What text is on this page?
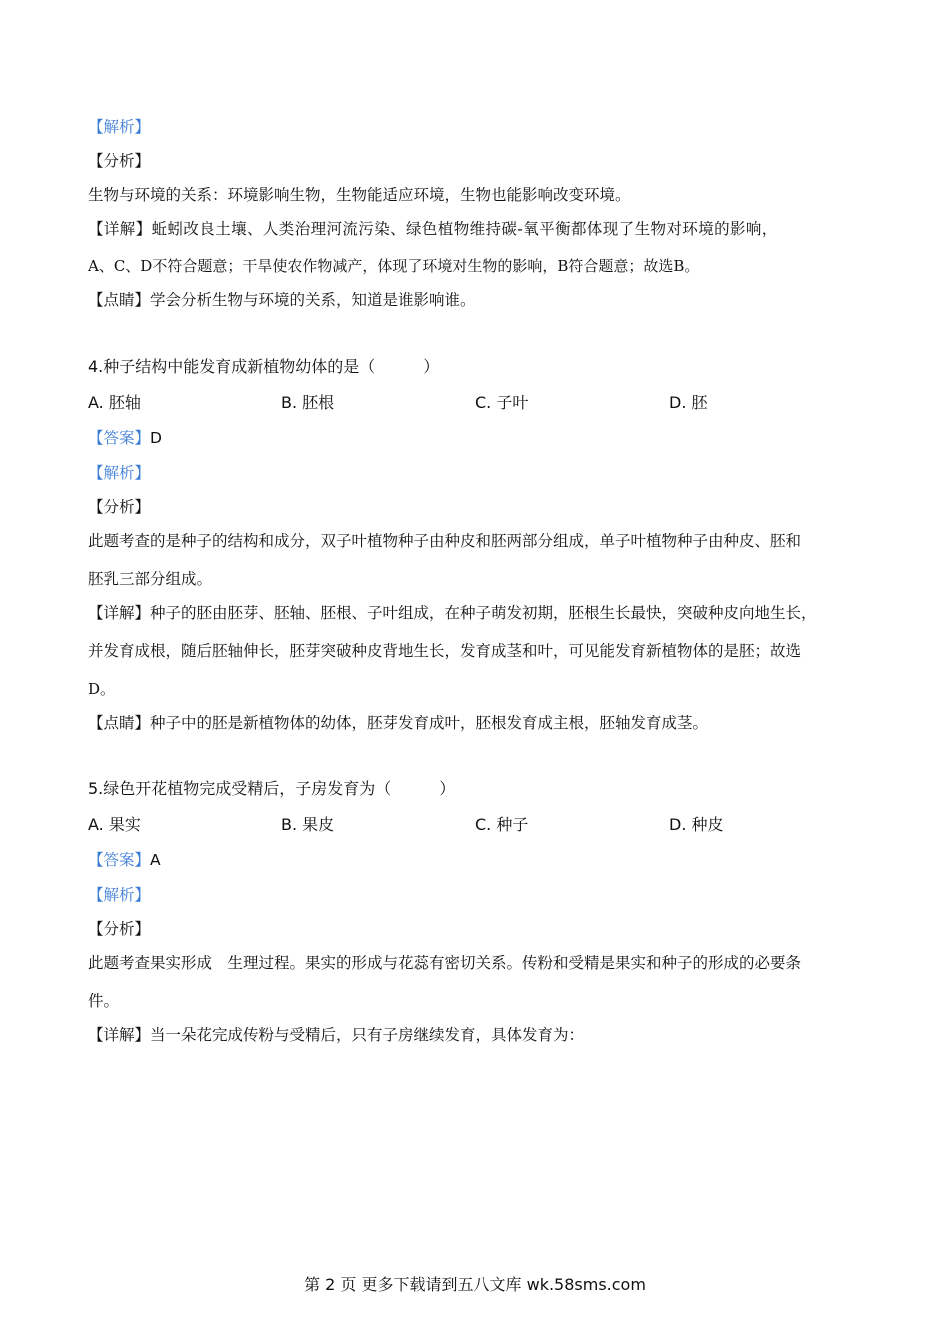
【解析】
【分析】
生物与环境的关系：环境影响生物，生物能适应环境，生物也能影响改变环境。
【详解】蚯蚓改良土壤、人类治理河流污染、绿色植物维持碳-氧平衡都体现了生物对环境的影响，
A、C、D不符合题意；干旱使农作物减产，体现了环境对生物的影响，B符合题意；故选B。
【点睛】学会分析生物与环境的关系，知道是谁影响谁。
4.种子结构中能发育成新植物幼体的是（　　　）
A. 胚轴	B. 胚根	C. 子叶	D. 胚
【答案】D
【解析】
【分析】
此题考查的是种子的结构和成分，双子叶植物种子由种皮和胚两部分组成，单子叶植物种子由种皮、胚和
胚乳三部分组成。
【详解】种子的胚由胚芽、胚轴、胚根、子叶组成，在种子萌发初期，胚根生长最快，突破种皮向地生长，
并发育成根，随后胚轴伸长，胚芽突破种皮背地生长，发育成茎和叶，可见能发育新植物体的是胚；故选
D。
【点睛】种子中的胚是新植物体的幼体，胚芽发育成叶，胚根发育成主根，胚轴发育成茎。
5.绿色开花植物完成受精后，子房发育为（　　　）
A. 果实	B. 果皮	C. 种子	D. 种皮
【答案】A
【解析】
【分析】
此题考查果实形成　生理过程。果实的形成与花蕊有密切关系。传粉和受精是果实和种子的形成的必要条
件。
【详解】当一朵花完成传粉与受精后，只有子房继续发育，具体发育为：
第 2 页 更多下载请到五八文库 wk.58sms.com
